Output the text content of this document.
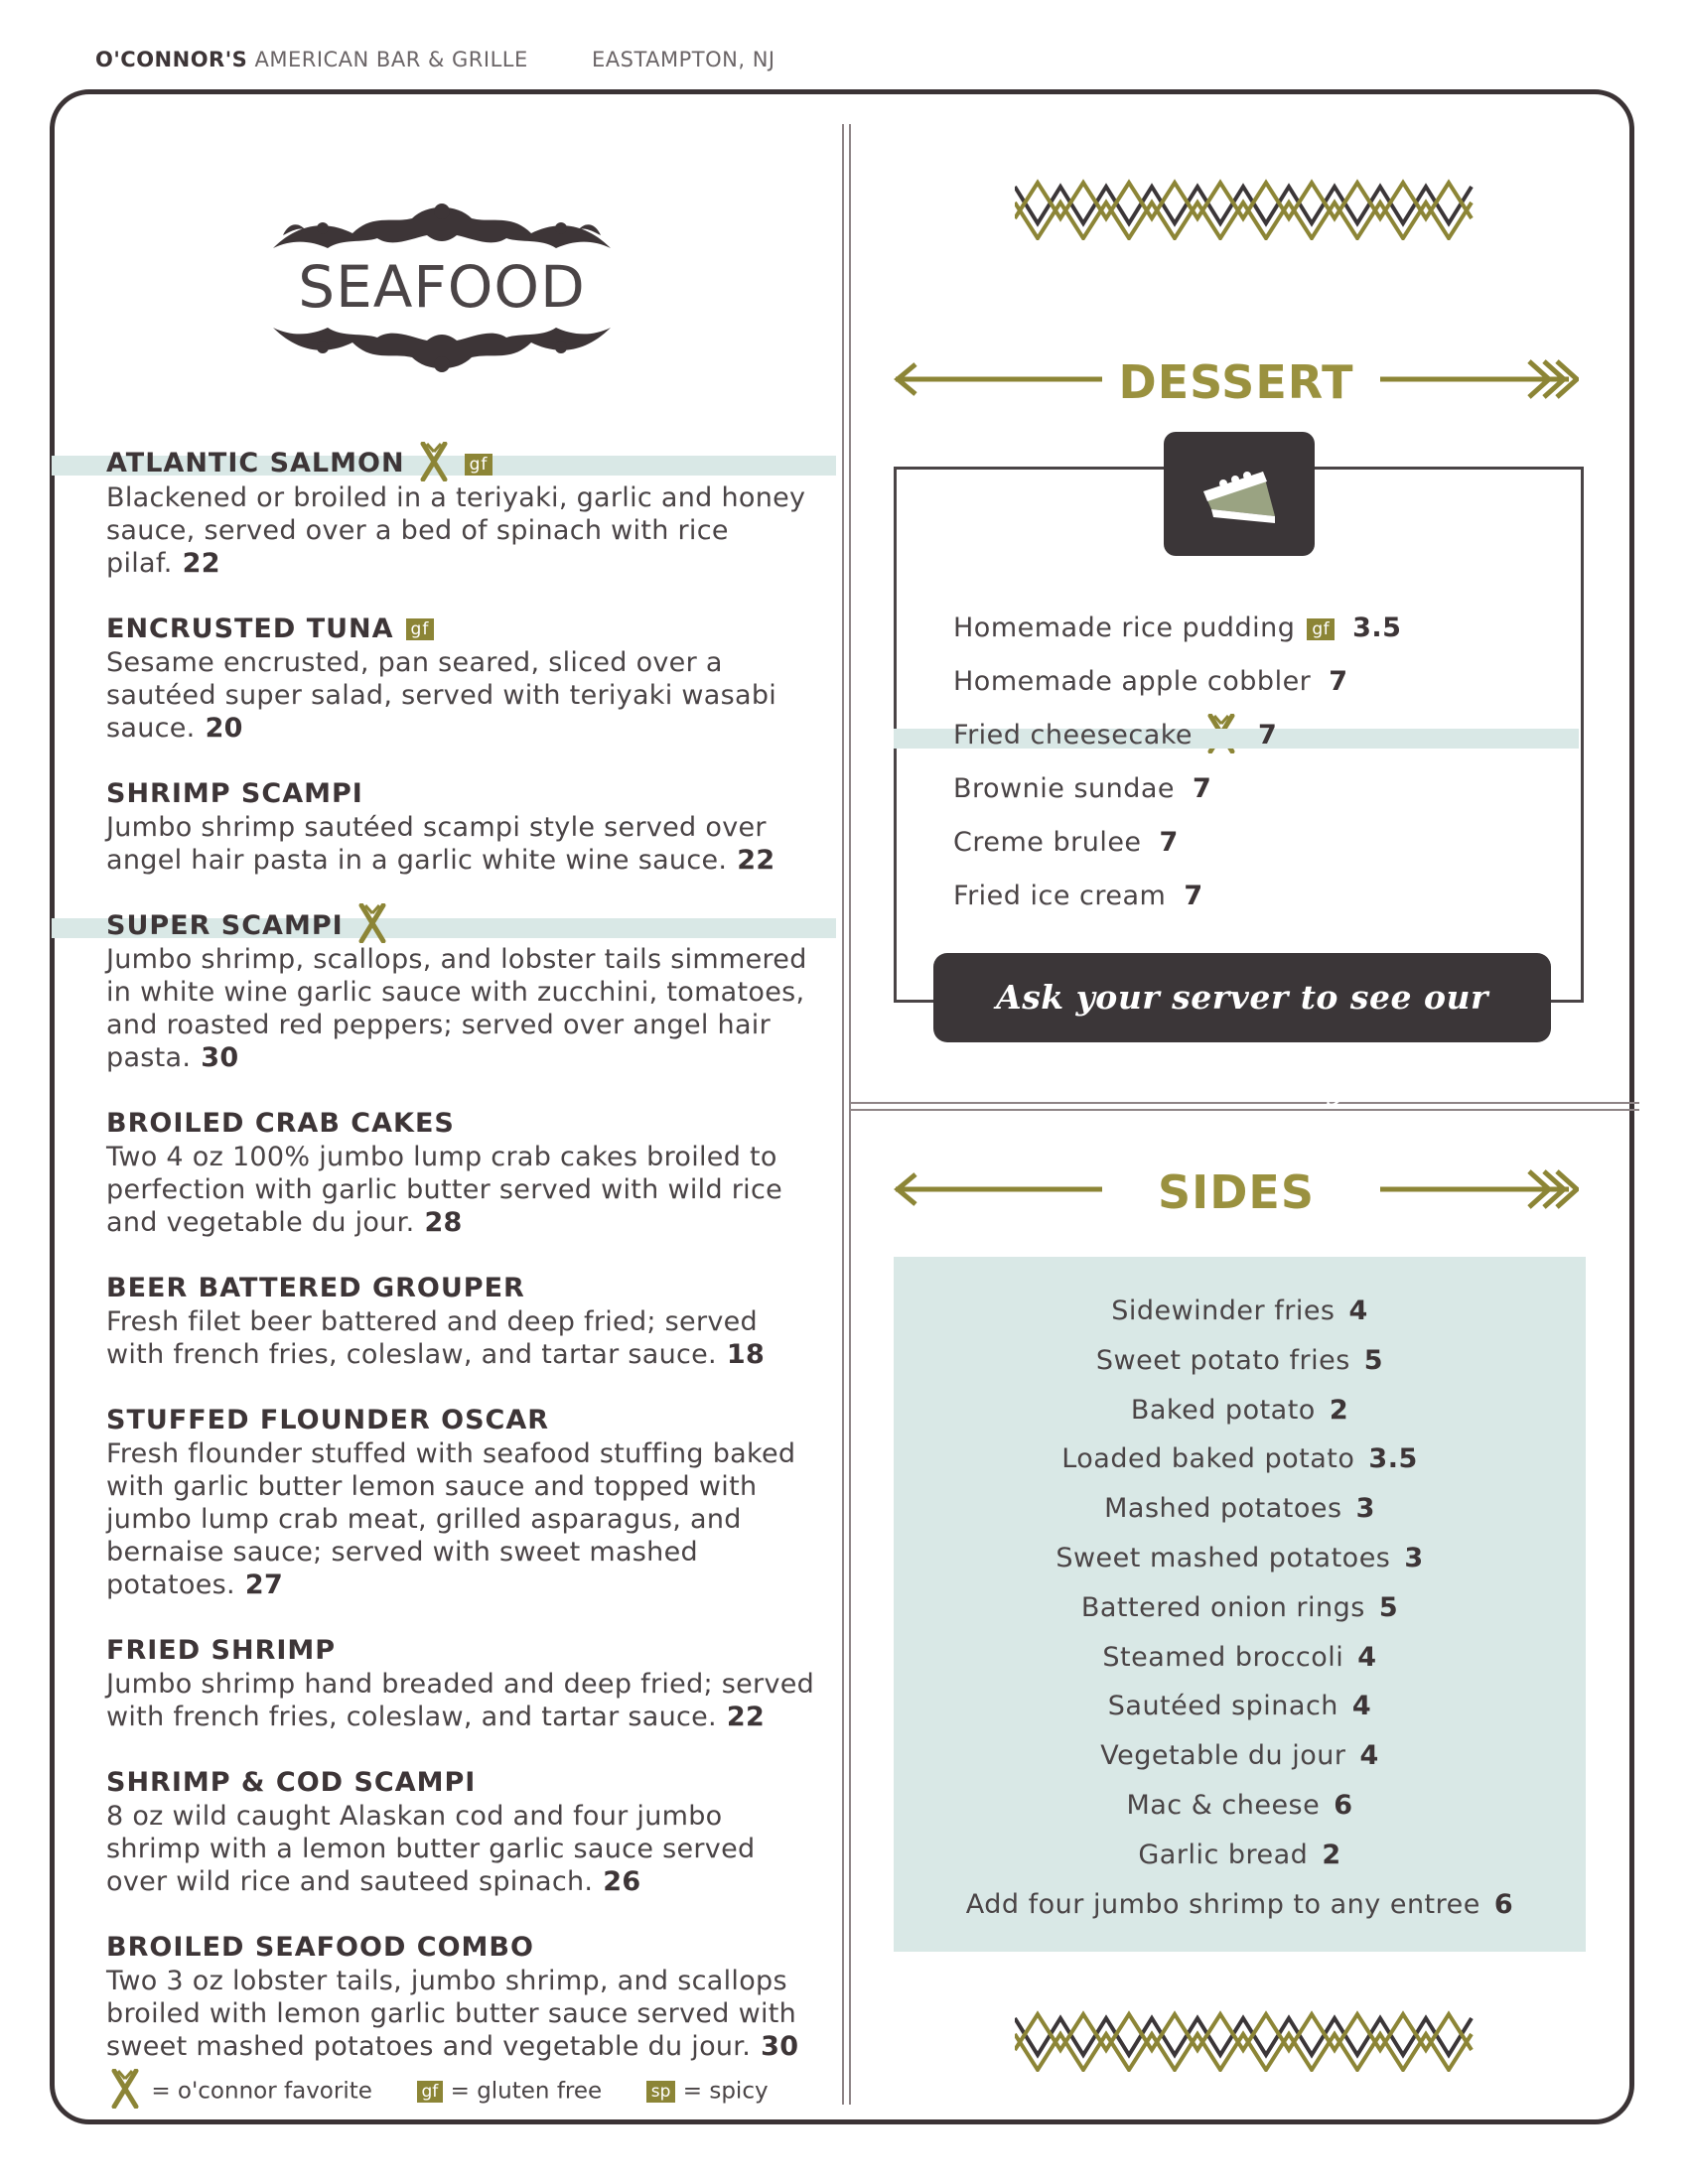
O'CONNOR'S AMERICAN BAR & GRILLE	EASTAMPTON, NJ
SEAFOOD
ATLANTIC SALMON	gf

Blackened or broiled in a teriyaki, garlic and honey sauce, served over a bed of spinach with rice pilaf. 22

ENCRUSTED TUNA gf

Sesame encrusted, pan seared, sliced over a sautéed super salad, served with teriyaki wasabi sauce. 20

SHRIMP SCAMPI

Jumbo shrimp sautéed scampi style served over angel hair pasta in a garlic white wine sauce. 22

SUPER SCAMPI

Jumbo shrimp, scallops, and lobster tails simmered in white wine garlic sauce with zucchini, tomatoes, and roasted red peppers; served over angel hair pasta. 30

BROILED CRAB CAKES

Two 4 oz 100% jumbo lump crab cakes broiled to perfection with garlic butter served with wild rice and vegetable du jour. 28

BEER BATTERED GROUPER

Fresh filet beer battered and deep fried; served with french fries, coleslaw, and tartar sauce. 18

STUFFED FLOUNDER OSCAR

Fresh flounder stuffed with seafood stuffing baked with garlic butter lemon sauce and topped with jumbo lump crab meat, grilled asparagus, and bernaise sauce; served with sweet mashed potatoes. 27

FRIED SHRIMP

Jumbo shrimp hand breaded and deep fried; served with french fries, coleslaw, and tartar sauce. 22

SHRIMP & COD SCAMPI

8 oz wild caught Alaskan cod and four jumbo shrimp with a lemon butter garlic sauce served over wild rice and sauteed spinach. 26

BROILED SEAFOOD COMBO

Two 3 oz lobster tails, jumbo shrimp, and scallops broiled with lemon garlic butter sauce served with sweet mashed potatoes and vegetable du jour. 30

= o'connor favorite	gf = gluten free	sp = spicy
DESSERT
Homemade rice pudding gf 3.5
Homemade apple cobbler 7
Fried cheesecake 7
Brownie sundae 7
Creme brulee 7
Fried ice cream 7
Ask your server to see our dessert tray!
SIDES
Sidewinder fries 4
Sweet potato fries 5
Baked potato 2
Loaded baked potato 3.5
Mashed potatoes 3
Sweet mashed potatoes 3
Battered onion rings 5
Steamed broccoli 4
Sautéed spinach 4
Vegetable du jour 4
Mac & cheese 6
Garlic bread 2
Add four jumbo shrimp to any entree 6
